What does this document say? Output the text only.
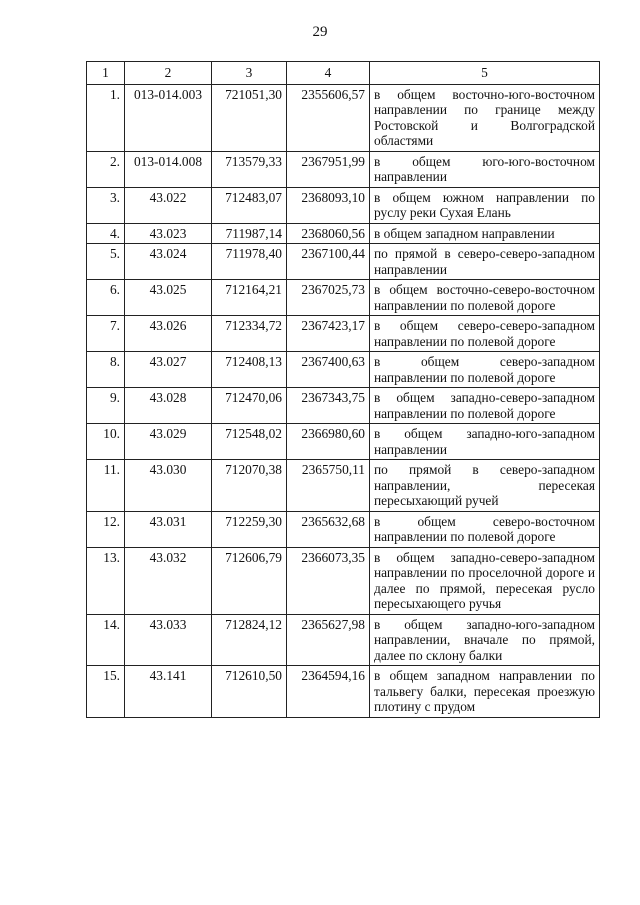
29
1	2	3	4	5
1.	013-014.003	721051,30	2355606,57	в общем восточно-юго-восточном направлении по границе между Ростовской и Волгоградской областями
2.	013-014.008	713579,33	2367951,99	в общем юго-юго-восточном направлении
3.	43.022	712483,07	2368093,10	в общем южном направлении по руслу реки Сухая Елань
4.	43.023	711987,14	2368060,56	в общем западном направлении
5.	43.024	711978,40	2367100,44	по прямой в северо-северо-западном направлении
6.	43.025	712164,21	2367025,73	в общем восточно-северо-восточном направлении по полевой дороге
7.	43.026	712334,72	2367423,17	в общем северо-северо-западном направлении по полевой дороге
8.	43.027	712408,13	2367400,63	в общем северо-западном направлении по полевой дороге
9.	43.028	712470,06	2367343,75	в общем западно-северо-западном направлении по полевой дороге
10.	43.029	712548,02	2366980,60	в общем западно-юго-западном направлении
11.	43.030	712070,38	2365750,11	по прямой в северо-западном направлении, пересекая пересыхающий ручей
12.	43.031	712259,30	2365632,68	в общем северо-восточном направлении по полевой дороге
13.	43.032	712606,79	2366073,35	в общем западно-северо-западном направлении по проселочной дороге и далее по прямой, пересекая русло пересыхающего ручья
14.	43.033	712824,12	2365627,98	в общем западно-юго-западном направлении, вначале по прямой, далее по склону балки
15.	43.141	712610,50	2364594,16	в общем западном направлении по тальвегу балки, пересекая проезжую плотину с прудом
